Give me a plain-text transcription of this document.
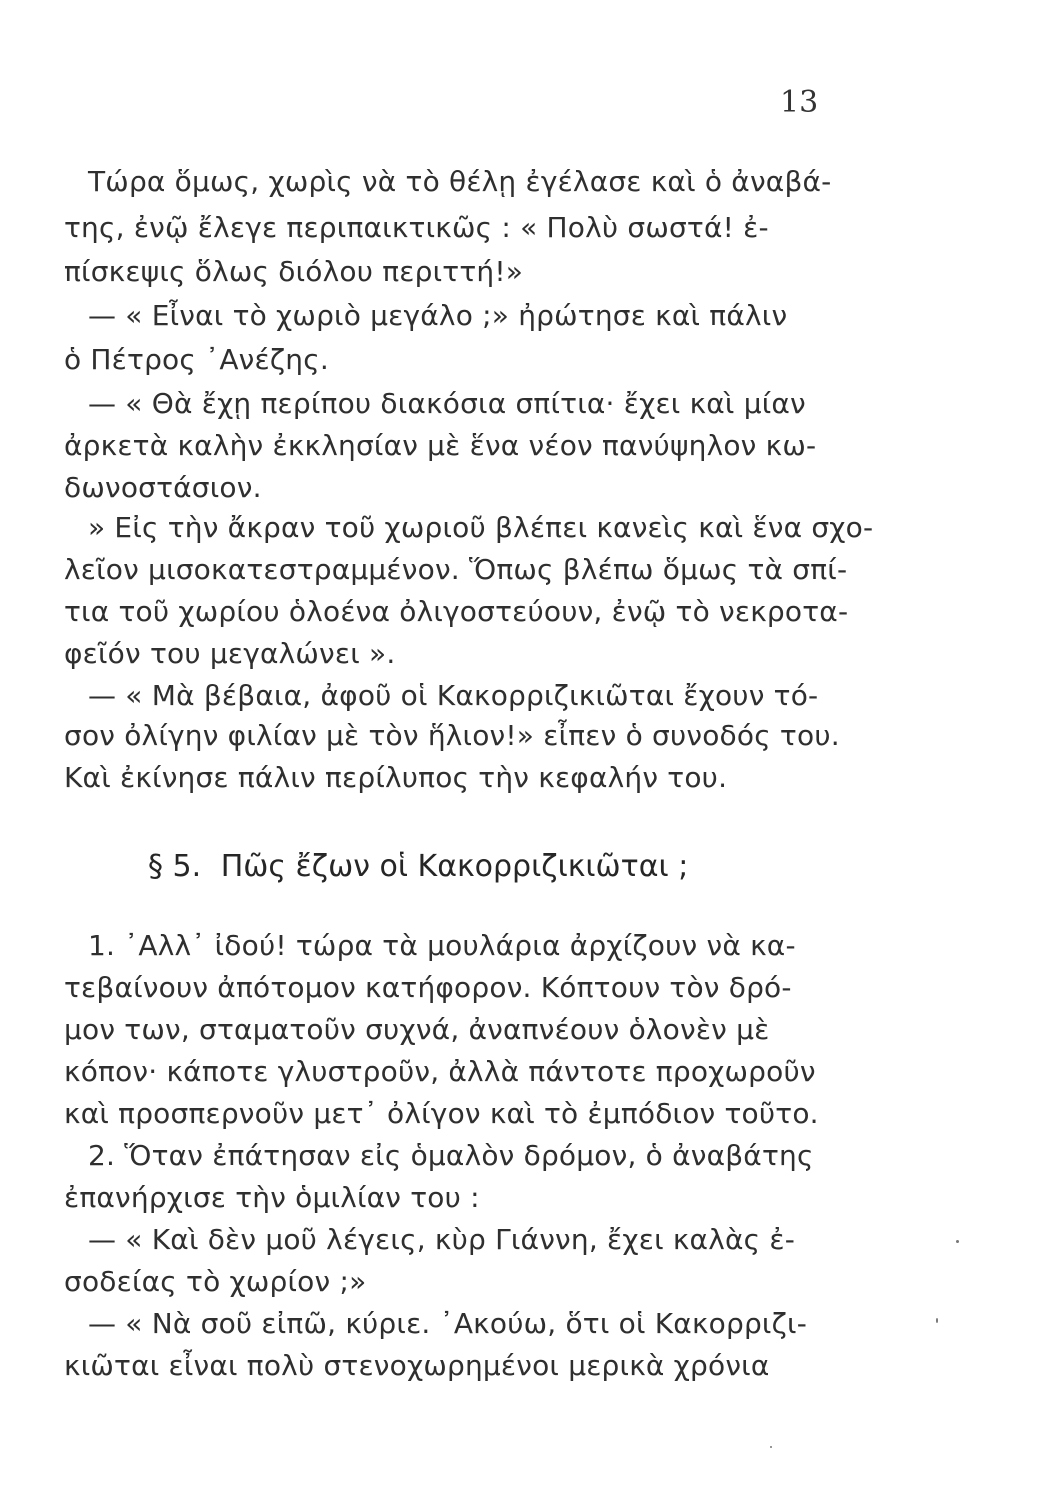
13
Τώρα ὅμως, χωρὶς νὰ τὸ θέλῃ ἐγέλασε καὶ ὁ ἀναβά-
της, ἐνῷ ἔλεγε περιπαικτικῶς : « Πολὺ σωστά! ἐ-
πίσκεψις ὅλως διόλου περιττή!»
— « Εἶναι τὸ χωριὸ μεγάλο ;» ἠρώτησε καὶ πάλιν
ὁ Πέτρος ᾿Ανέζης.
— « Θὰ ἔχῃ περίπου διακόσια σπίτια· ἔχει καὶ μίαν
ἀρκετὰ καλὴν ἐκκλησίαν μὲ ἕνα νέον πανύψηλον κω-
δωνοστάσιον.
» Εἰς τὴν ἄκραν τοῦ χωριοῦ βλέπει κανεὶς καὶ ἕνα σχο-
λεῖον μισοκατεστραμμένον. Ὅπως βλέπω ὅμως τὰ σπί-
τια τοῦ χωρίου ὁλοένα ὀλιγοστεύουν, ἐνῷ τὸ νεκροτα-
φεῖόν του μεγαλώνει ».
— « Μὰ βέβαια, ἀφοῦ οἱ Κακορριζικιῶται ἔχουν τό-
σον ὀλίγην φιλίαν μὲ τὸν ἥλιον!» εἶπεν ὁ συνοδός του.
Καὶ ἐκίνησε πάλιν περίλυπος τὴν κεφαλήν του.
§ 5. Πῶς ἔζων οἱ Κακορριζικιῶται ;
1. ᾿Αλλ᾿ ἰδού! τώρα τὰ μουλάρια ἀρχίζουν νὰ κα-
τεβαίνουν ἀπότομον κατήφορον. Κόπτουν τὸν δρό-
μον των, σταματοῦν συχνά, ἀναπνέουν ὁλονὲν μὲ
κόπον· κάποτε γλυστροῦν, ἀλλὰ πάντοτε προχωροῦν
καὶ προσπερνοῦν μετ᾿ ὀλίγον καὶ τὸ ἐμπόδιον τοῦτο.
2. Ὅταν ἐπάτησαν εἰς ὁμαλὸν δρόμον, ὁ ἀναβάτης
ἐπανήρχισε τὴν ὁμιλίαν του :
— « Καὶ δὲν μοῦ λέγεις, κὺρ Γιάννη, ἔχει καλὰς ἐ-
σοδείας τὸ χωρίον ;»
— « Νὰ σοῦ εἰπῶ, κύριε. ᾿Ακούω, ὅτι οἱ Κακορριζι-
κιῶται εἶναι πολὺ στενοχωρημένοι μερικὰ χρόνια
